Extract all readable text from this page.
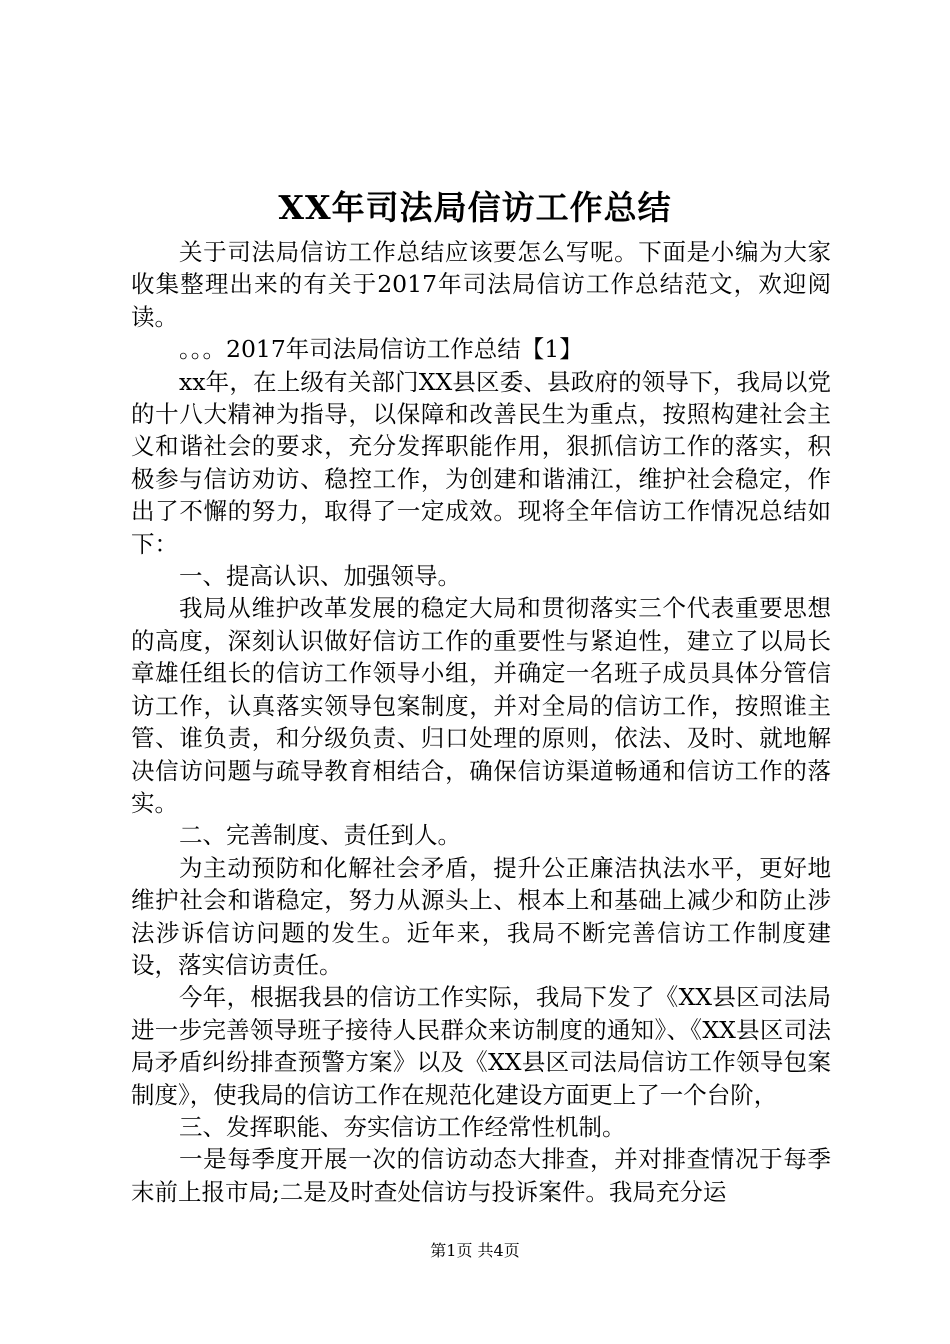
XX年司法局信访工作总结

关于司法局信访工作总结应该要怎么写呢。下面是小编为大家收集整理出来的有关于2017年司法局信访工作总结范文，欢迎阅读。

。。。2017年司法局信访工作总结【1】

xx年，在上级有关部门XX县区委、县政府的领导下，我局以党的十八大精神为指导，以保障和改善民生为重点，按照构建社会主义和谐社会的要求，充分发挥职能作用，狠抓信访工作的落实，积极参与信访劝访、稳控工作，为创建和谐浦江，维护社会稳定，作出了不懈的努力，取得了一定成效。现将全年信访工作情况总结如下：

一、提高认识、加强领导。

我局从维护改革发展的稳定大局和贯彻落实三个代表重要思想的高度，深刻认识做好信访工作的重要性与紧迫性，建立了以局长章雄任组长的信访工作领导小组，并确定一名班子成员具体分管信访工作，认真落实领导包案制度，并对全局的信访工作，按照谁主管、谁负责，和分级负责、归口处理的原则，依法、及时、就地解决信访问题与疏导教育相结合，确保信访渠道畅通和信访工作的落实。

二、完善制度、责任到人。

为主动预防和化解社会矛盾，提升公正廉洁执法水平，更好地维护社会和谐稳定，努力从源头上、根本上和基础上减少和防止涉法涉诉信访问题的发生。近年来，我局不断完善信访工作制度建设，落实信访责任。

今年，根据我县的信访工作实际，我局下发了《XX县区司法局进一步完善领导班子接待人民群众来访制度的通知》、《XX县区司法局矛盾纠纷排查预警方案》以及《XX县区司法局信访工作领导包案制度》，使我局的信访工作在规范化建设方面更上了一个台阶，

三、发挥职能、夯实信访工作经常性机制。

一是每季度开展一次的信访动态大排查，并对排查情况于每季末前上报市局;二是及时查处信访与投诉案件。我局充分运

第1页 共4页
